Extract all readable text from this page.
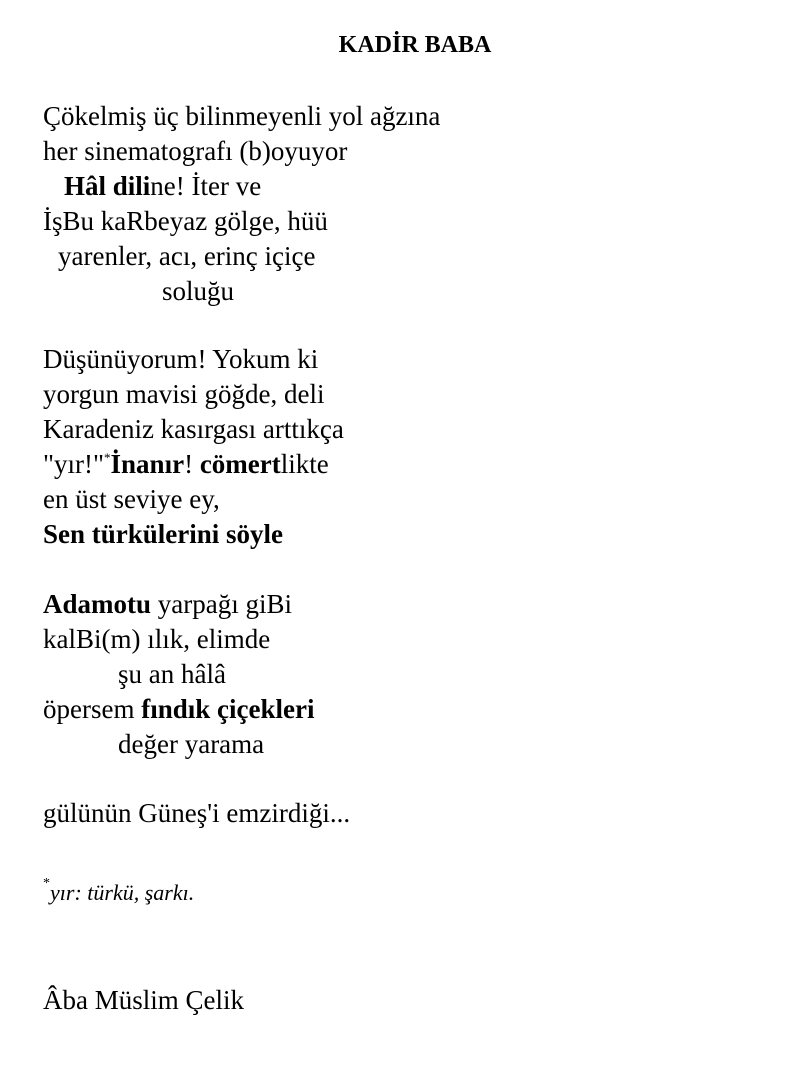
KADİR BABA
Çökelmiş üç bilinmeyenli yol ağzına
her sinematografı (b)oyuyor
Hâl diline! İter ve
İşBu kaRbeyaz gölge, hüü
yarenler, acı, erinç içiçe
soluğu
Düşünüyorum! Yokum ki
yorgun mavisi göğde, deli
Karadeniz kasırgası arttıkça
"yır!"*İnanır! cömertlikte
en üst seviye ey,
Sen türkülerini söyle
Adamotu yarpağı giBi
kalBi(m) ılık, elimde
şu an hâlâ
öpersem fındık çiçekleri
değer yarama
gülünün Güneş'i emzirdiği...
*yır: türkü, şarkı.
Âba Müslim Çelik
